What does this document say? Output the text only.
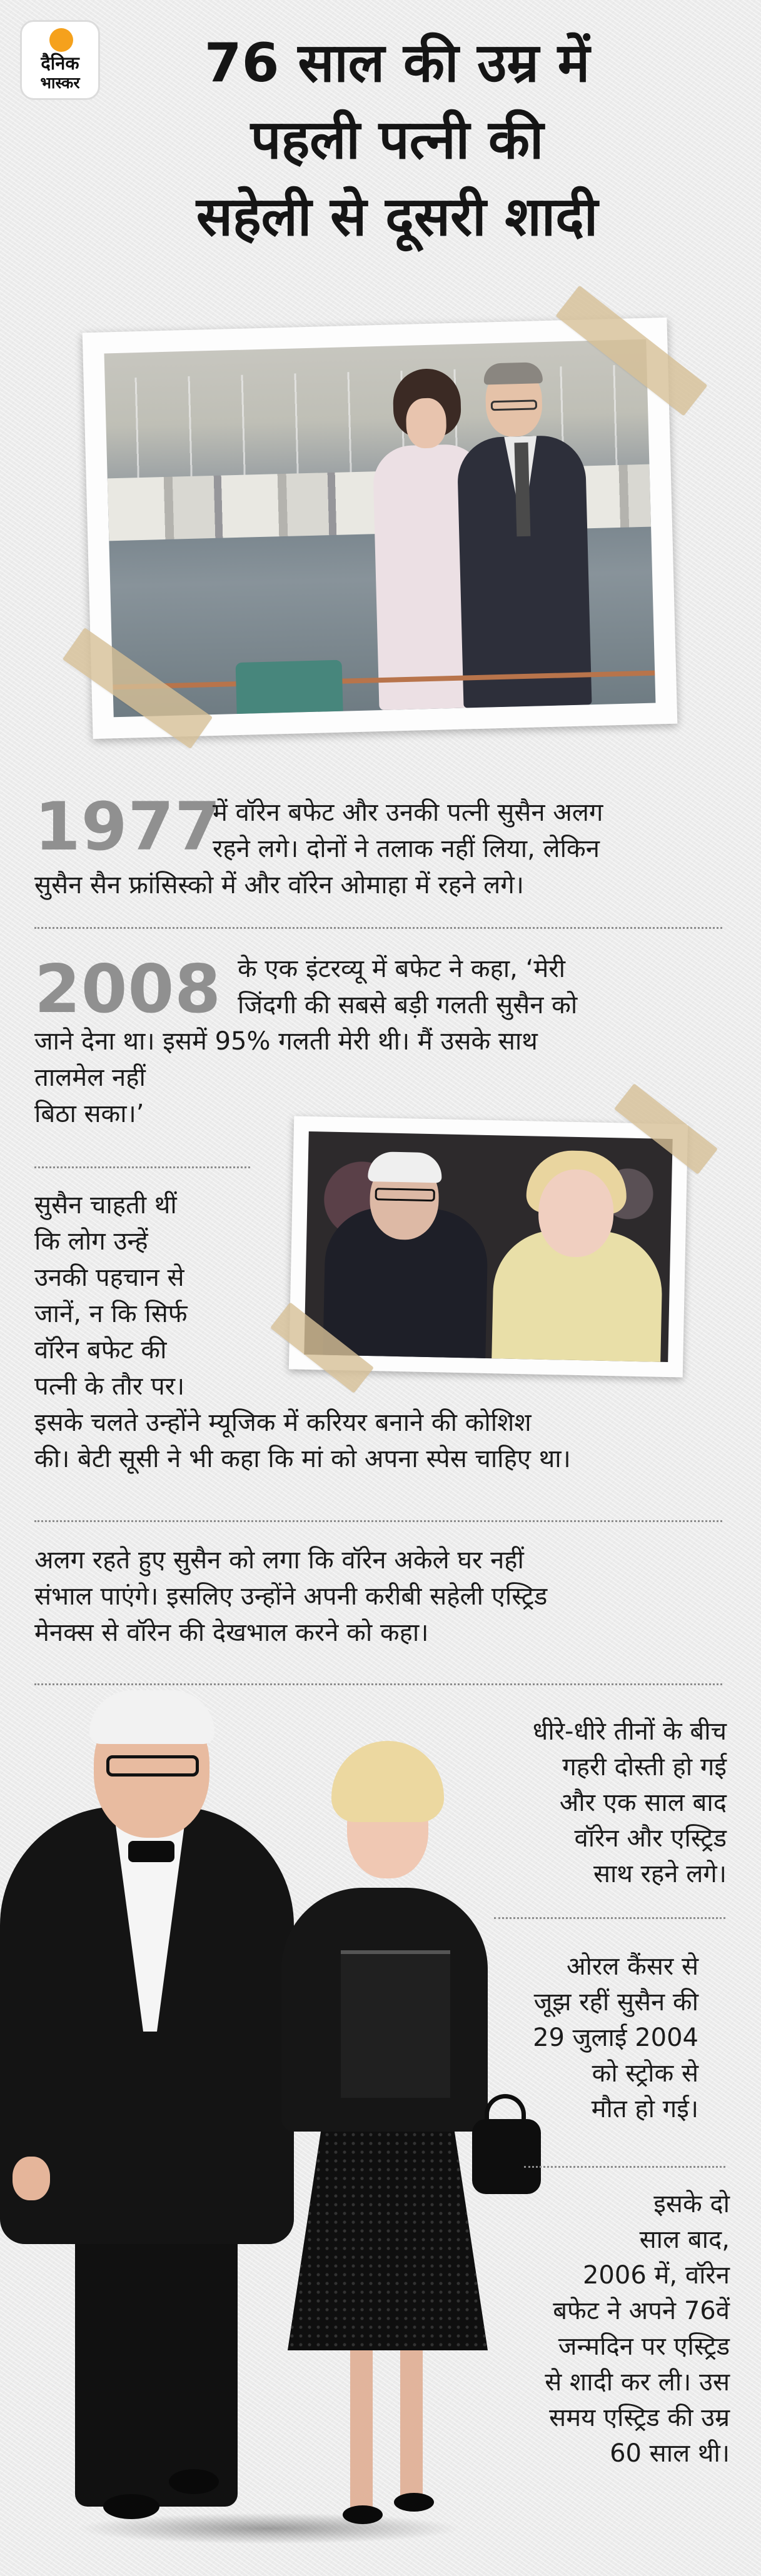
दैनिक
भास्कर	76 साल की उम्र में
पहली पत्नी की
सहेली से दूसरी शादी
1977
में वॉरेन बफेट और उनकी पत्नी सुसैन अलग
रहने लगे। दोनों ने तलाक नहीं लिया, लेकिन
सुसैन सैन फ्रांसिस्को में और वॉरेन ओमाहा में रहने लगे।
2008 के एक इंटरव्यू में बफेट ने कहा, ‘मेरी
जिंदगी की सबसे बड़ी गलती सुसैन को
जाने देना था। इसमें 95% गलती मेरी थी। मैं उसके साथ
तालमेल नहीं
बिठा सका।’
सुसैन चाहती थीं
कि लोग उन्हें
उनकी पहचान से
जानें, न कि सिर्फ
वॉरेन बफेट की
पत्नी के तौर पर।
इसके चलते उन्होंने म्यूजिक में करियर बनाने की कोशिश
की। बेटी सूसी ने भी कहा कि मां को अपना स्पेस चाहिए था।
अलग रहते हुए सुसैन को लगा कि वॉरेन अकेले घर नहीं
संभाल पाएंगे। इसलिए उन्होंने अपनी करीबी सहेली एस्ट्रिड
मेनक्स से वॉरेन की देखभाल करने को कहा।
धीरे-धीरे तीनों के बीच
गहरी दोस्ती हो गई
और एक साल बाद
वॉरेन और एस्ट्रिड
साथ रहने लगे।
ओरल कैंसर से
जूझ रहीं सुसैन की
29 जुलाई 2004
को स्ट्रोक से
मौत हो गई।
इसके दो
साल बाद,
2006 में, वॉरेन
बफेट ने अपने 76वें
जन्मदिन पर एस्ट्रिड
से शादी कर ली। उस
समय एस्ट्रिड की उम्र
60 साल थी।
